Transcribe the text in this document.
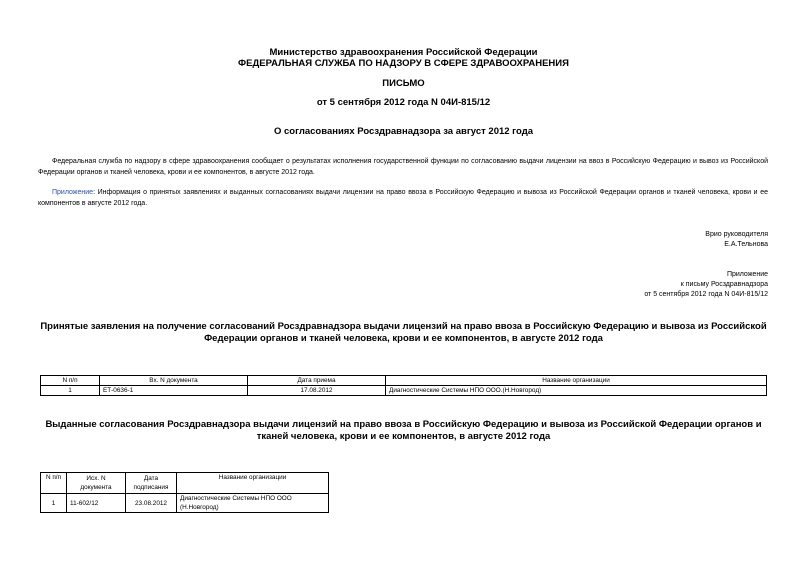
Министерство здравоохранения Российской Федерации
ФЕДЕРАЛЬНАЯ СЛУЖБА ПО НАДЗОРУ В СФЕРЕ ЗДРАВООХРАНЕНИЯ
ПИСЬМО
от 5 сентября 2012 года N 04И-815/12
О согласованиях Росздравнадзора за август 2012 года
Федеральная служба по надзору в сфере здравоохранения сообщает о результатах исполнения государственной функции по согласованию выдачи лицензии на ввоз в Российскую Федерацию и вывоз из Российской Федерации органов и тканей человека, крови и ее компонентов, в августе 2012 года.
Приложение: Информация о принятых заявлениях и выданных согласованиях выдачи лицензии на право ввоза в Российскую Федерацию и вывоза из Российской Федерации органов и тканей человека, крови и ее компонентов в августе 2012 года.
Врио руководителя
Е.А.Тельнова
Приложение
к письму Росздравнадзора
от 5 сентября 2012 года N 04И-815/12
Принятые заявления на получение согласований Росздравнадзора выдачи лицензий на право ввоза в Российскую Федерацию и вывоза из Российской Федерации органов и тканей человека, крови и ее компонентов, в августе 2012 года
N п/п	Вх. N документа	Дата приема	Название организации
1	ЕТ-0636-1	17.08.2012	Диагностические Системы НПО ООО.(Н.Новгород)
Выданные согласования Росздравнадзора выдачи лицензий на право ввоза в Российскую Федерацию и вывоза из Российской Федерации органов и тканей человека, крови и ее компонентов, в августе 2012 года
N п/п	Исх. N документа	Дата подписания	Название организации
1	11-602/12	23.08.2012	Диагностические Системы НПО ООО (Н.Новгород)
